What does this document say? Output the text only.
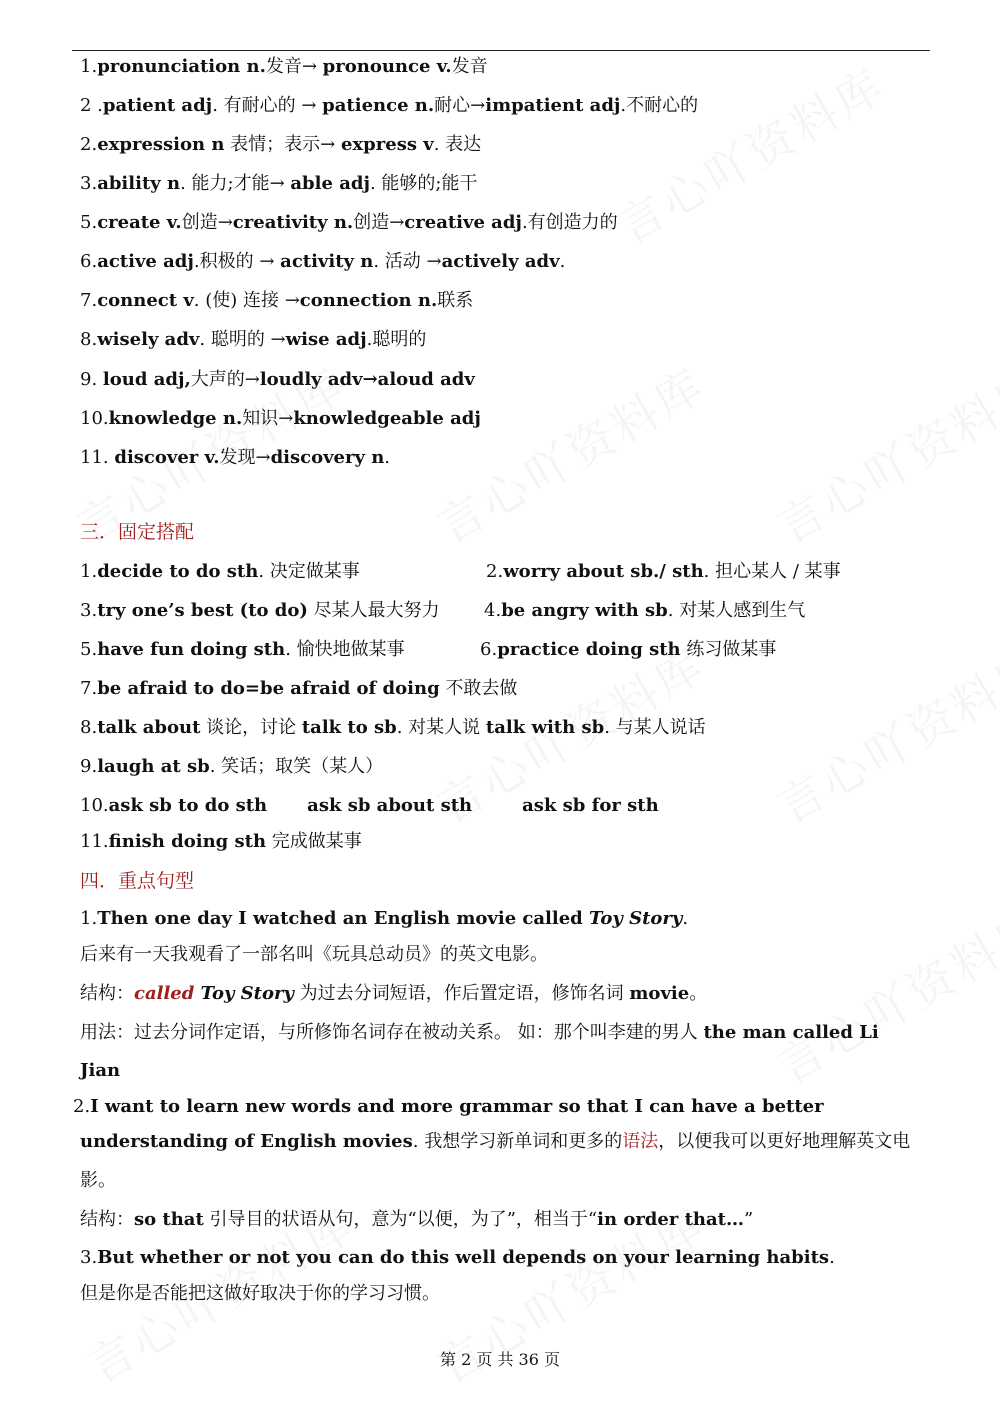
1.pronunciation n.发音→ pronounce v.发音
2 .patient adj. 有耐心的 → patience n.耐心→impatient adj.不耐心的
2.expression n 表情；表示→ express v. 表达
3.ability n. 能力;才能→ able adj. 能够的;能干
5.create v.创造→creativity n.创造→creative adj.有创造力的
6.active adj.积极的 → activity n. 活动 →actively adv.
7.connect v. (使) 连接 →connection n.联系
8.wisely adv. 聪明的 →wise adj.聪明的
9. loud adj,大声的→loudly adv→aloud adv
10.knowledge n.知识→knowledgeable adj
11. discover v.发现→discovery n.
三．固定搭配
1.decide to do sth. 决定做某事	2.worry about sb./ sth. 担心某人 / 某事
3.try one’s best (to do) 尽某人最大努力 4.be angry with sb. 对某人感到生气
5.have fun doing sth. 愉快地做某事	6.practice doing sth 练习做某事
7.be afraid to do=be afraid of doing 不敢去做
8.talk about 谈论，讨论 talk to sb. 对某人说 talk with sb. 与某人说话
9.laugh at sb. 笑话；取笑（某人）
10.ask sb to do sth ask sb about sth	ask sb for sth
11.finish doing sth 完成做某事
四．重点句型
1.Then one day I watched an English movie called Toy Story.
后来有一天我观看了一部名叫《玩具总动员》的英文电影。
结构：called Toy Story 为过去分词短语，作后置定语，修饰名词 movie。
用法：过去分词作定语，与所修饰名词存在被动关系。 如：那个叫李建的男人 the man called Li
Jian
2.I want to learn new words and more grammar so that I can have a better
understanding of English movies. 我想学习新单词和更多的语法，以便我可以更好地理解英文电
影。
结构：so that 引导目的状语从句，意为“以便，为了”，相当于“in order that…”
3.But whether or not you can do this well depends on your learning habits.
但是你是否能把这做好取决于你的学习习惯。
第 2 页 共 36 页
